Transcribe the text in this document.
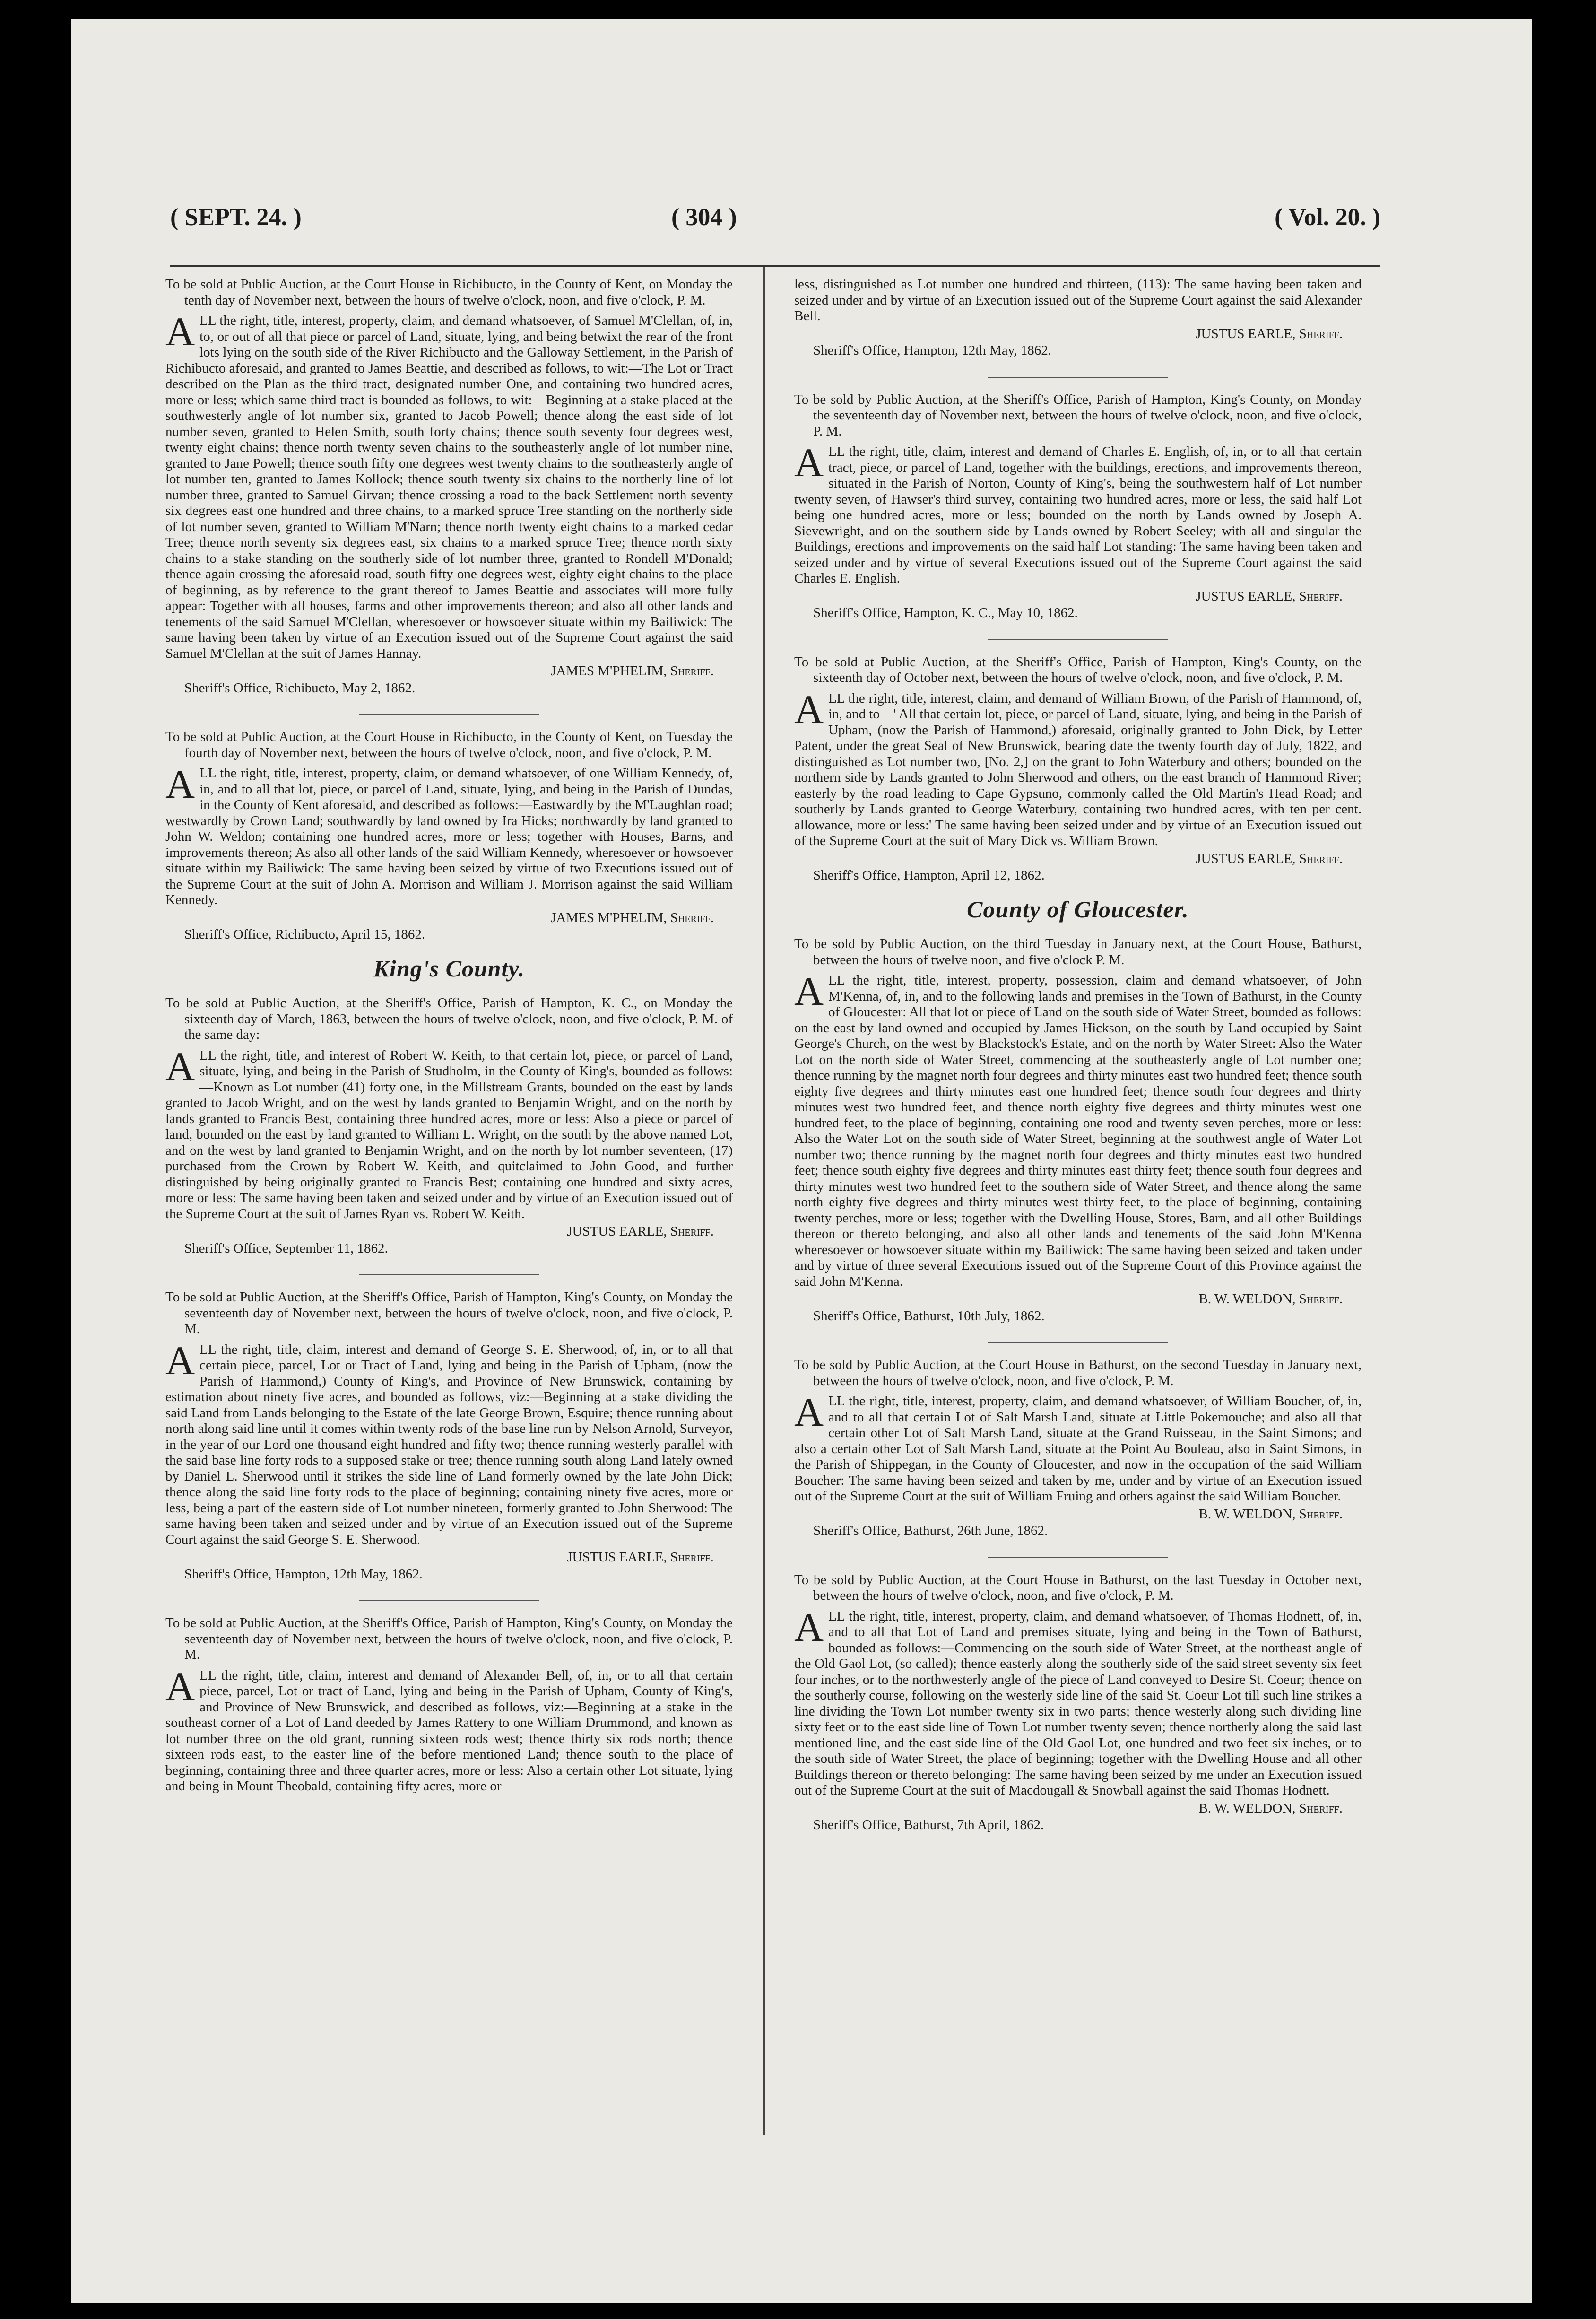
( SEPT. 24. )	( 304 )	( Vol. 20. )

To be sold at Public Auction, at the Court House in Richibucto, in the County of Kent, on Monday the tenth day of November next, between the hours of twelve o'clock, noon, and five o'clock, P. M.

ALL the right, title, interest, property, claim, and demand whatsoever, of Samuel M'Clellan, of, in, to, or out of all that piece or parcel of Land, situate, lying, and being betwixt the rear of the front lots lying on the south side of the River Richibucto and the Galloway Settlement, in the Parish of Richibucto aforesaid, and granted to James Beattie, and described as follows, to wit:—The Lot or Tract described on the Plan as the third tract, designated number One, and containing two hundred acres, more or less; which same third tract is bounded as follows, to wit:—Beginning at a stake placed at the southwesterly angle of lot number six, granted to Jacob Powell; thence along the east side of lot number seven, granted to Helen Smith, south forty chains; thence south seventy four degrees west, twenty eight chains; thence north twenty seven chains to the southeasterly angle of lot number nine, granted to Jane Powell; thence south fifty one degrees west twenty chains to the southeasterly angle of lot number ten, granted to James Kollock; thence south twenty six chains to the northerly line of lot number three, granted to Samuel Girvan; thence crossing a road to the back Settlement north seventy six degrees east one hundred and three chains, to a marked spruce Tree standing on the northerly side of lot number seven, granted to William M'Narn; thence north twenty eight chains to a marked cedar Tree; thence north seventy six degrees east, six chains to a marked spruce Tree; thence north sixty chains to a stake standing on the southerly side of lot number three, granted to Rondell M'Donald; thence again crossing the aforesaid road, south fifty one degrees west, eighty eight chains to the place of beginning, as by reference to the grant thereof to James Beattie and associates will more fully appear: Together with all houses, farms and other improvements thereon; and also all other lands and tenements of the said Samuel M'Clellan, wheresoever or howsoever situate within my Bailiwick: The same having been taken by virtue of an Execution issued out of the Supreme Court against the said Samuel M'Clellan at the suit of James Hannay.

JAMES M'PHELIM, Sheriff.

Sheriff's Office, Richibucto, May 2, 1862.

To be sold at Public Auction, at the Court House in Richibucto, in the County of Kent, on Tuesday the fourth day of November next, between the hours of twelve o'clock, noon, and five o'clock, P. M.

ALL the right, title, interest, property, claim, or demand whatsoever, of one William Kennedy, of, in, and to all that lot, piece, or parcel of Land, situate, lying, and being in the Parish of Dundas, in the County of Kent aforesaid, and described as follows:—Eastwardly by the M'Laughlan road; westwardly by Crown Land; southwardly by land owned by Ira Hicks; northwardly by land granted to John W. Weldon; containing one hundred acres, more or less; together with Houses, Barns, and improvements thereon; As also all other lands of the said William Kennedy, wheresoever or howsoever situate within my Bailiwick: The same having been seized by virtue of two Executions issued out of the Supreme Court at the suit of John A. Morrison and William J. Morrison against the said William Kennedy.

JAMES M'PHELIM, Sheriff.

Sheriff's Office, Richibucto, April 15, 1862.

King's County.

To be sold at Public Auction, at the Sheriff's Office, Parish of Hampton, K. C., on Monday the sixteenth day of March, 1863, between the hours of twelve o'clock, noon, and five o'clock, P. M. of the same day:

ALL the right, title, and interest of Robert W. Keith, to that certain lot, piece, or parcel of Land, situate, lying, and being in the Parish of Studholm, in the County of King's, bounded as follows:—Known as Lot number (41) forty one, in the Millstream Grants, bounded on the east by lands granted to Jacob Wright, and on the west by lands granted to Benjamin Wright, and on the north by lands granted to Francis Best, containing three hundred acres, more or less: Also a piece or parcel of land, bounded on the east by land granted to William L. Wright, on the south by the above named Lot, and on the west by land granted to Benjamin Wright, and on the north by lot number seventeen, (17) purchased from the Crown by Robert W. Keith, and quitclaimed to John Good, and further distinguished by being originally granted to Francis Best; containing one hundred and sixty acres, more or less: The same having been taken and seized under and by virtue of an Execution issued out of the Supreme Court at the suit of James Ryan vs. Robert W. Keith.

JUSTUS EARLE, Sheriff.

Sheriff's Office, September 11, 1862.

To be sold at Public Auction, at the Sheriff's Office, Parish of Hampton, King's County, on Monday the seventeenth day of November next, between the hours of twelve o'clock, noon, and five o'clock, P. M.

ALL the right, title, claim, interest and demand of George S. E. Sherwood, of, in, or to all that certain piece, parcel, Lot or Tract of Land, lying and being in the Parish of Upham, (now the Parish of Hammond,) County of King's, and Province of New Brunswick, containing by estimation about ninety five acres, and bounded as follows, viz:—Beginning at a stake dividing the said Land from Lands belonging to the Estate of the late George Brown, Esquire; thence running about north along said line until it comes within twenty rods of the base line run by Nelson Arnold, Surveyor, in the year of our Lord one thousand eight hundred and fifty two; thence running westerly parallel with the said base line forty rods to a supposed stake or tree; thence running south along Land lately owned by Daniel L. Sherwood until it strikes the side line of Land formerly owned by the late John Dick; thence along the said line forty rods to the place of beginning; containing ninety five acres, more or less, being a part of the eastern side of Lot number nineteen, formerly granted to John Sherwood: The same having been taken and seized under and by virtue of an Execution issued out of the Supreme Court against the said George S. E. Sherwood.

JUSTUS EARLE, Sheriff.

Sheriff's Office, Hampton, 12th May, 1862.

To be sold at Public Auction, at the Sheriff's Office, Parish of Hampton, King's County, on Monday the seventeenth day of November next, between the hours of twelve o'clock, noon, and five o'clock, P. M.

ALL the right, title, claim, interest and demand of Alexander Bell, of, in, or to all that certain piece, parcel, Lot or tract of Land, lying and being in the Parish of Upham, County of King's, and Province of New Brunswick, and described as follows, viz:—Beginning at a stake in the southeast corner of a Lot of Land deeded by James Rattery to one William Drummond, and known as lot number three on the old grant, running sixteen rods west; thence thirty six rods north; thence sixteen rods east, to the easter line of the before mentioned Land; thence south to the place of beginning, containing three and three quarter acres, more or less: Also a certain other Lot situate, lying and being in Mount Theobald, containing fifty acres, more or

less, distinguished as Lot number one hundred and thirteen, (113): The same having been taken and seized under and by virtue of an Execution issued out of the Supreme Court against the said Alexander Bell.

JUSTUS EARLE, Sheriff.

Sheriff's Office, Hampton, 12th May, 1862.

To be sold by Public Auction, at the Sheriff's Office, Parish of Hampton, King's County, on Monday the seventeenth day of November next, between the hours of twelve o'clock, noon, and five o'clock, P. M.

ALL the right, title, claim, interest and demand of Charles E. English, of, in, or to all that certain tract, piece, or parcel of Land, together with the buildings, erections, and improvements thereon, situated in the Parish of Norton, County of King's, being the southwestern half of Lot number twenty seven, of Hawser's third survey, containing two hundred acres, more or less, the said half Lot being one hundred acres, more or less; bounded on the north by Lands owned by Joseph A. Sievewright, and on the southern side by Lands owned by Robert Seeley; with all and singular the Buildings, erections and improvements on the said half Lot standing: The same having been taken and seized under and by virtue of several Executions issued out of the Supreme Court against the said Charles E. English.

JUSTUS EARLE, Sheriff.

Sheriff's Office, Hampton, K. C., May 10, 1862.

To be sold at Public Auction, at the Sheriff's Office, Parish of Hampton, King's County, on the sixteenth day of October next, between the hours of twelve o'clock, noon, and five o'clock, P. M.

ALL the right, title, interest, claim, and demand of William Brown, of the Parish of Hammond, of, in, and to—' All that certain lot, piece, or parcel of Land, situate, lying, and being in the Parish of Upham, (now the Parish of Hammond,) aforesaid, originally granted to John Dick, by Letter Patent, under the great Seal of New Brunswick, bearing date the twenty fourth day of July, 1822, and distinguished as Lot number two, [No. 2,] on the grant to John Waterbury and others; bounded on the northern side by Lands granted to John Sherwood and others, on the east branch of Hammond River; easterly by the road leading to Cape Gypsuno, commonly called the Old Martin's Head Road; and southerly by Lands granted to George Waterbury, containing two hundred acres, with ten per cent. allowance, more or less:' The same having been seized under and by virtue of an Execution issued out of the Supreme Court at the suit of Mary Dick vs. William Brown.

JUSTUS EARLE, Sheriff.

Sheriff's Office, Hampton, April 12, 1862.

County of Gloucester.

To be sold by Public Auction, on the third Tuesday in January next, at the Court House, Bathurst, between the hours of twelve noon, and five o'clock P. M.

ALL the right, title, interest, property, possession, claim and demand whatsoever, of John M'Kenna, of, in, and to the following lands and premises in the Town of Bathurst, in the County of Gloucester: All that lot or piece of Land on the south side of Water Street, bounded as follows: on the east by land owned and occupied by James Hickson, on the south by Land occupied by Saint George's Church, on the west by Blackstock's Estate, and on the north by Water Street: Also the Water Lot on the north side of Water Street, commencing at the southeasterly angle of Lot number one; thence running by the magnet north four degrees and thirty minutes east two hundred feet; thence south eighty five degrees and thirty minutes east one hundred feet; thence south four degrees and thirty minutes west two hundred feet, and thence north eighty five degrees and thirty minutes west one hundred feet, to the place of beginning, containing one rood and twenty seven perches, more or less: Also the Water Lot on the south side of Water Street, beginning at the southwest angle of Water Lot number two; thence running by the magnet north four degrees and thirty minutes east two hundred feet; thence south eighty five degrees and thirty minutes east thirty feet; thence south four degrees and thirty minutes west two hundred feet to the southern side of Water Street, and thence along the same north eighty five degrees and thirty minutes west thirty feet, to the place of beginning, containing twenty perches, more or less; together with the Dwelling House, Stores, Barn, and all other Buildings thereon or thereto belonging, and also all other lands and tenements of the said John M'Kenna wheresoever or howsoever situate within my Bailiwick: The same having been seized and taken under and by virtue of three several Executions issued out of the Supreme Court of this Province against the said John M'Kenna.

B. W. WELDON, Sheriff.

Sheriff's Office, Bathurst, 10th July, 1862.

To be sold by Public Auction, at the Court House in Bathurst, on the second Tuesday in January next, between the hours of twelve o'clock, noon, and five o'clock, P. M.

ALL the right, title, interest, property, claim, and demand whatsoever, of William Boucher, of, in, and to all that certain Lot of Salt Marsh Land, situate at Little Pokemouche; and also all that certain other Lot of Salt Marsh Land, situate at the Grand Ruisseau, in the Saint Simons; and also a certain other Lot of Salt Marsh Land, situate at the Point Au Bouleau, also in Saint Simons, in the Parish of Shippegan, in the County of Gloucester, and now in the occupation of the said William Boucher: The same having been seized and taken by me, under and by virtue of an Execution issued out of the Supreme Court at the suit of William Fruing and others against the said William Boucher.

B. W. WELDON, Sheriff.

Sheriff's Office, Bathurst, 26th June, 1862.

To be sold by Public Auction, at the Court House in Bathurst, on the last Tuesday in October next, between the hours of twelve o'clock, noon, and five o'clock, P. M.

ALL the right, title, interest, property, claim, and demand whatsoever, of Thomas Hodnett, of, in, and to all that Lot of Land and premises situate, lying and being in the Town of Bathurst, bounded as follows:—Commencing on the south side of Water Street, at the northeast angle of the Old Gaol Lot, (so called); thence easterly along the southerly side of the said street seventy six feet four inches, or to the northwesterly angle of the piece of Land conveyed to Desire St. Coeur; thence on the southerly course, following on the westerly side line of the said St. Coeur Lot till such line strikes a line dividing the Town Lot number twenty six in two parts; thence westerly along such dividing line sixty feet or to the east side line of Town Lot number twenty seven; thence northerly along the said last mentioned line, and the east side line of the Old Gaol Lot, one hundred and two feet six inches, or to the south side of Water Street, the place of beginning; together with the Dwelling House and all other Buildings thereon or thereto belonging: The same having been seized by me under an Execution issued out of the Supreme Court at the suit of Macdougall & Snowball against the said Thomas Hodnett.

B. W. WELDON, Sheriff.

Sheriff's Office, Bathurst, 7th April, 1862.
